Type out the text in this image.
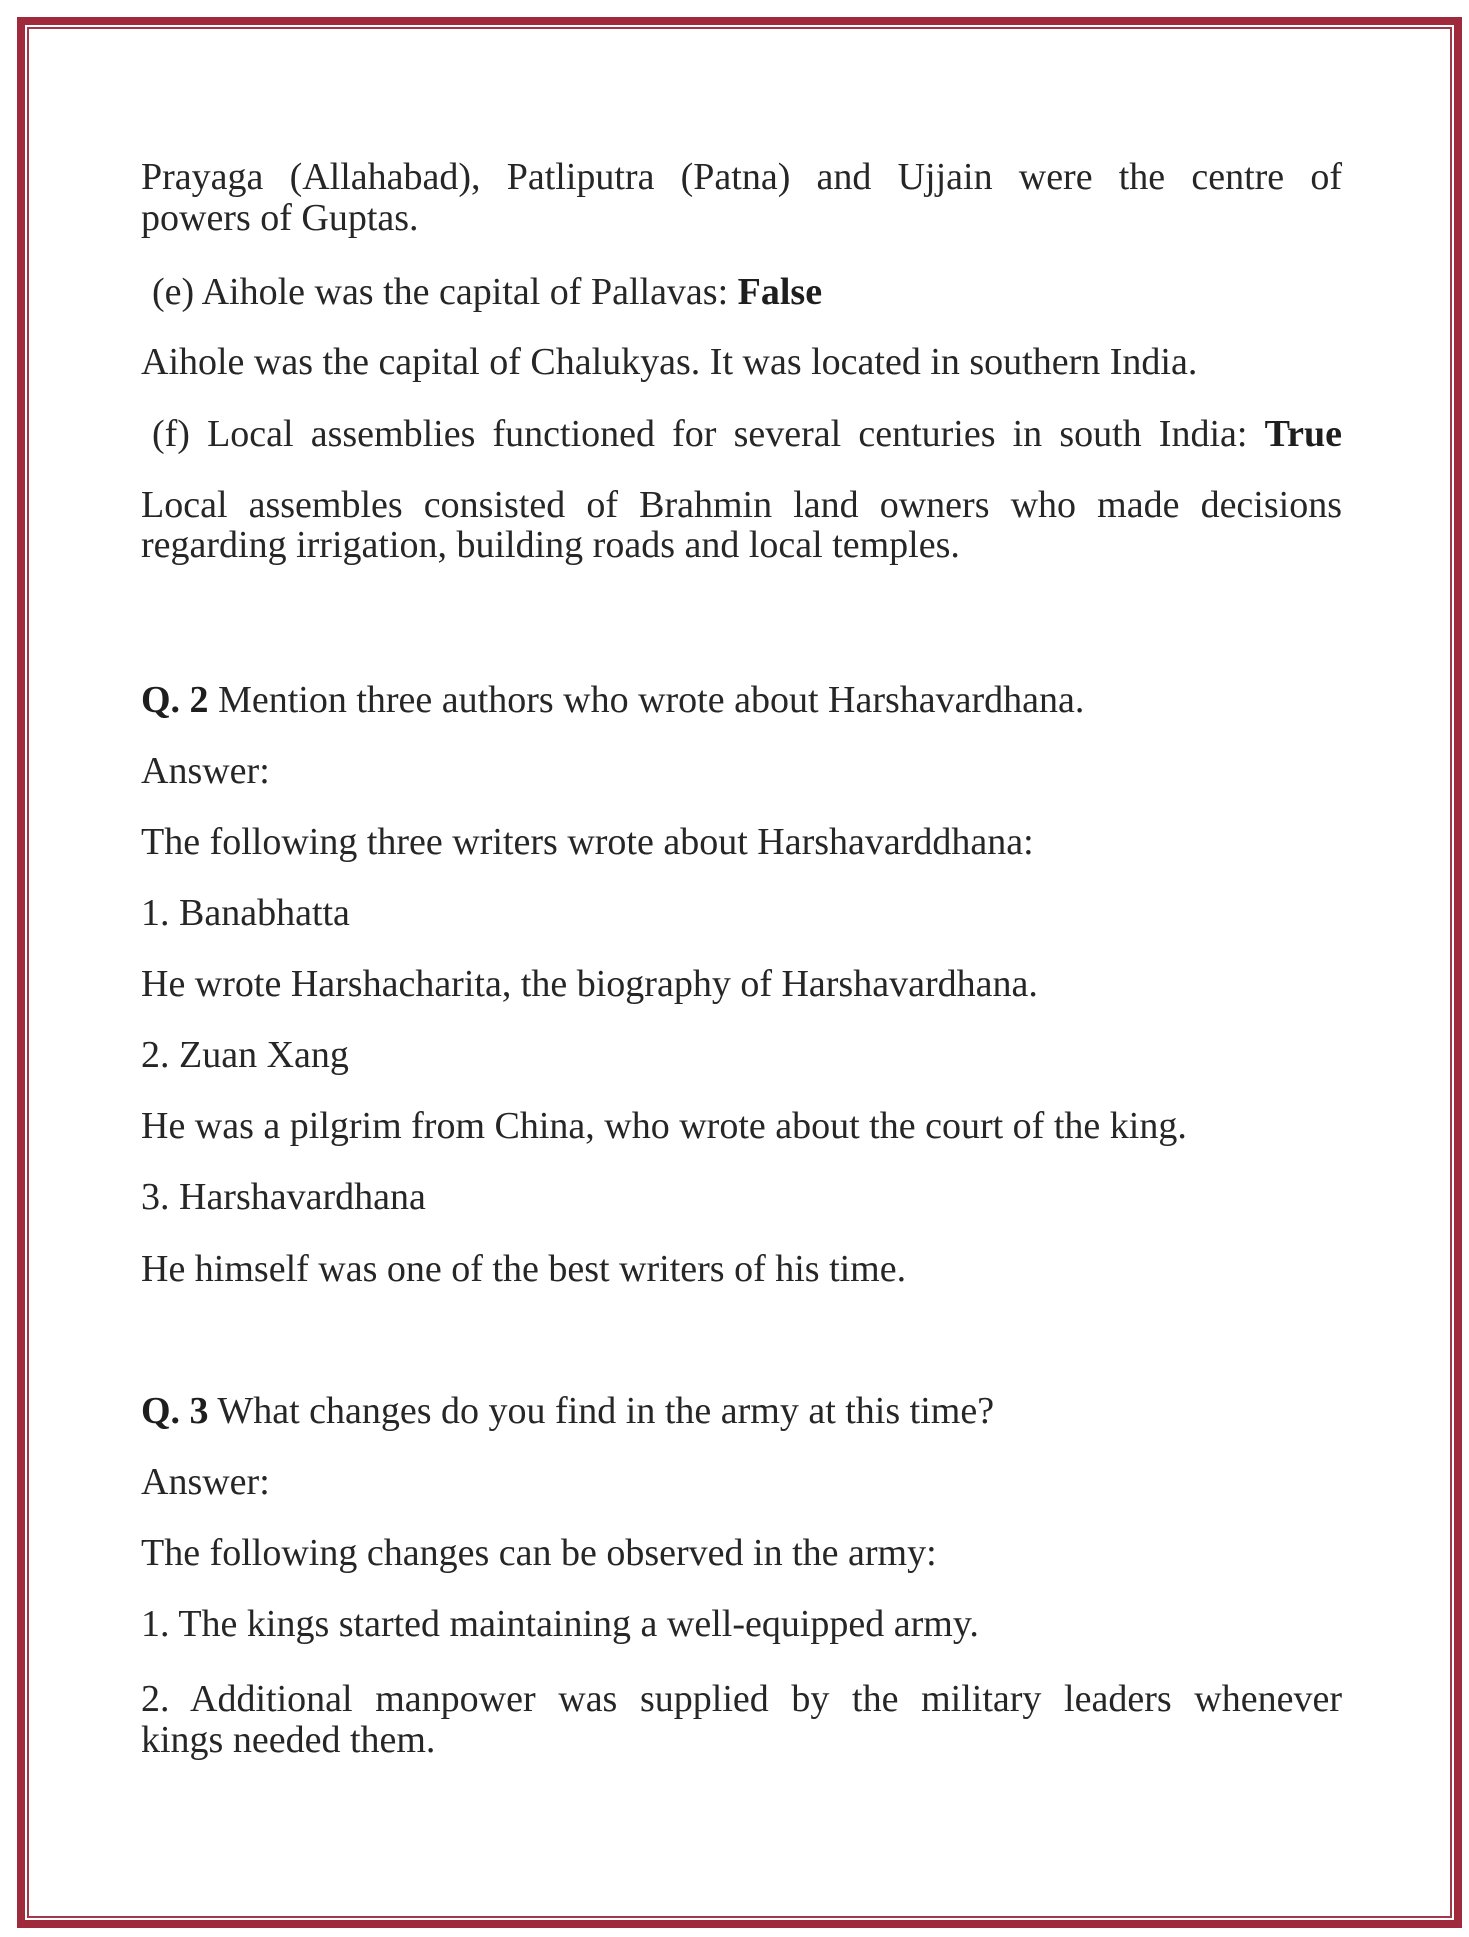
Prayaga (Allahabad), Patliputra (Patna) and Ujjain were the centre of
powers of Guptas.
(e) Aihole was the capital of Pallavas: False
Aihole was the capital of Chalukyas. It was located in southern India.
(f) Local assemblies functioned for several centuries in south India: True
Local assembles consisted of Brahmin land owners who made decisions
regarding irrigation, building roads and local temples.
Q. 2 Mention three authors who wrote about Harshavardhana.
Answer:
The following three writers wrote about Harshavarddhana:
1. Banabhatta
He wrote Harshacharita, the biography of Harshavardhana.
2. Zuan Xang
He was a pilgrim from China, who wrote about the court of the king.
3. Harshavardhana
He himself was one of the best writers of his time.
Q. 3 What changes do you find in the army at this time?
Answer:
The following changes can be observed in the army:
1. The kings started maintaining a well-equipped army.
2. Additional manpower was supplied by the military leaders whenever
kings needed them.
